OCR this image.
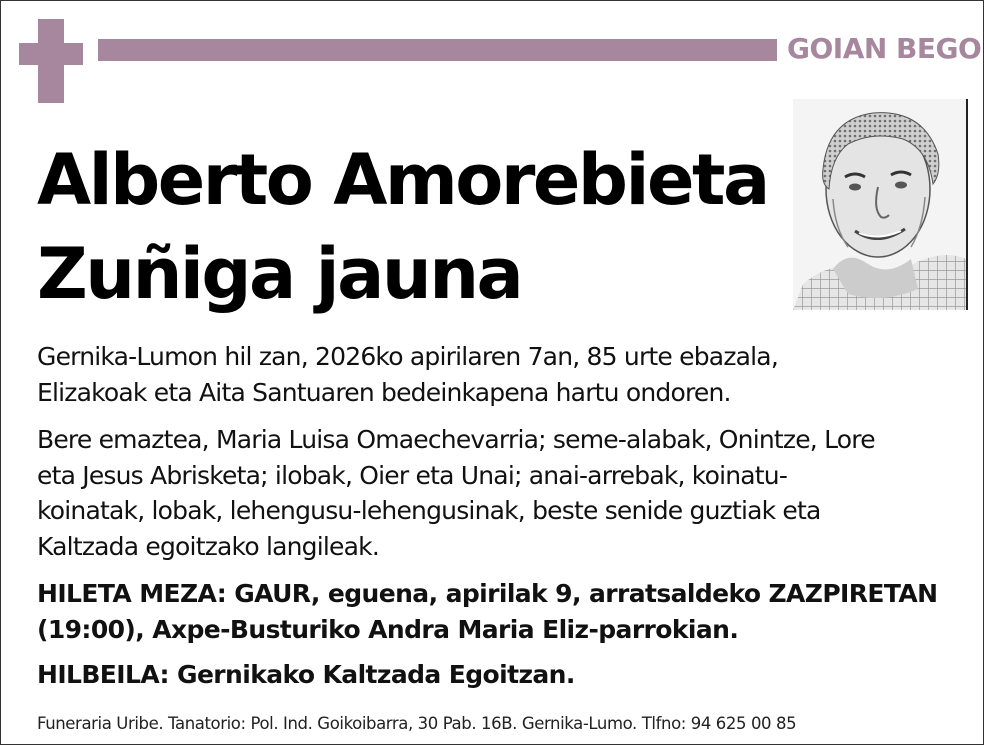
GOIAN BEGO
Alberto Amorebieta
Zuñiga jauna
Gernika-Lumon hil zan, 2026ko apirilaren 7an, 85 urte ebazala,
Elizakoak eta Aita Santuaren bedeinkapena hartu ondoren.
Bere emaztea, Maria Luisa Omaechevarria; seme-alabak, Onintze, Lore
eta Jesus Abrisketa; ilobak, Oier eta Unai; anai-arrebak, koinatu-
koinatak, lobak, lehengusu-lehengusinak, beste senide guztiak eta
Kaltzada egoitzako langileak.
HILETA MEZA: GAUR, eguena, apirilak 9, arratsaldeko ZAZPIRETAN
(19:00), Axpe-Busturiko Andra Maria Eliz-parrokian.
HILBEILA: Gernikako Kaltzada Egoitzan.
Funeraria Uribe. Tanatorio: Pol. Ind. Goikoibarra, 30 Pab. 16B. Gernika-Lumo. Tlfno: 94 625 00 85
